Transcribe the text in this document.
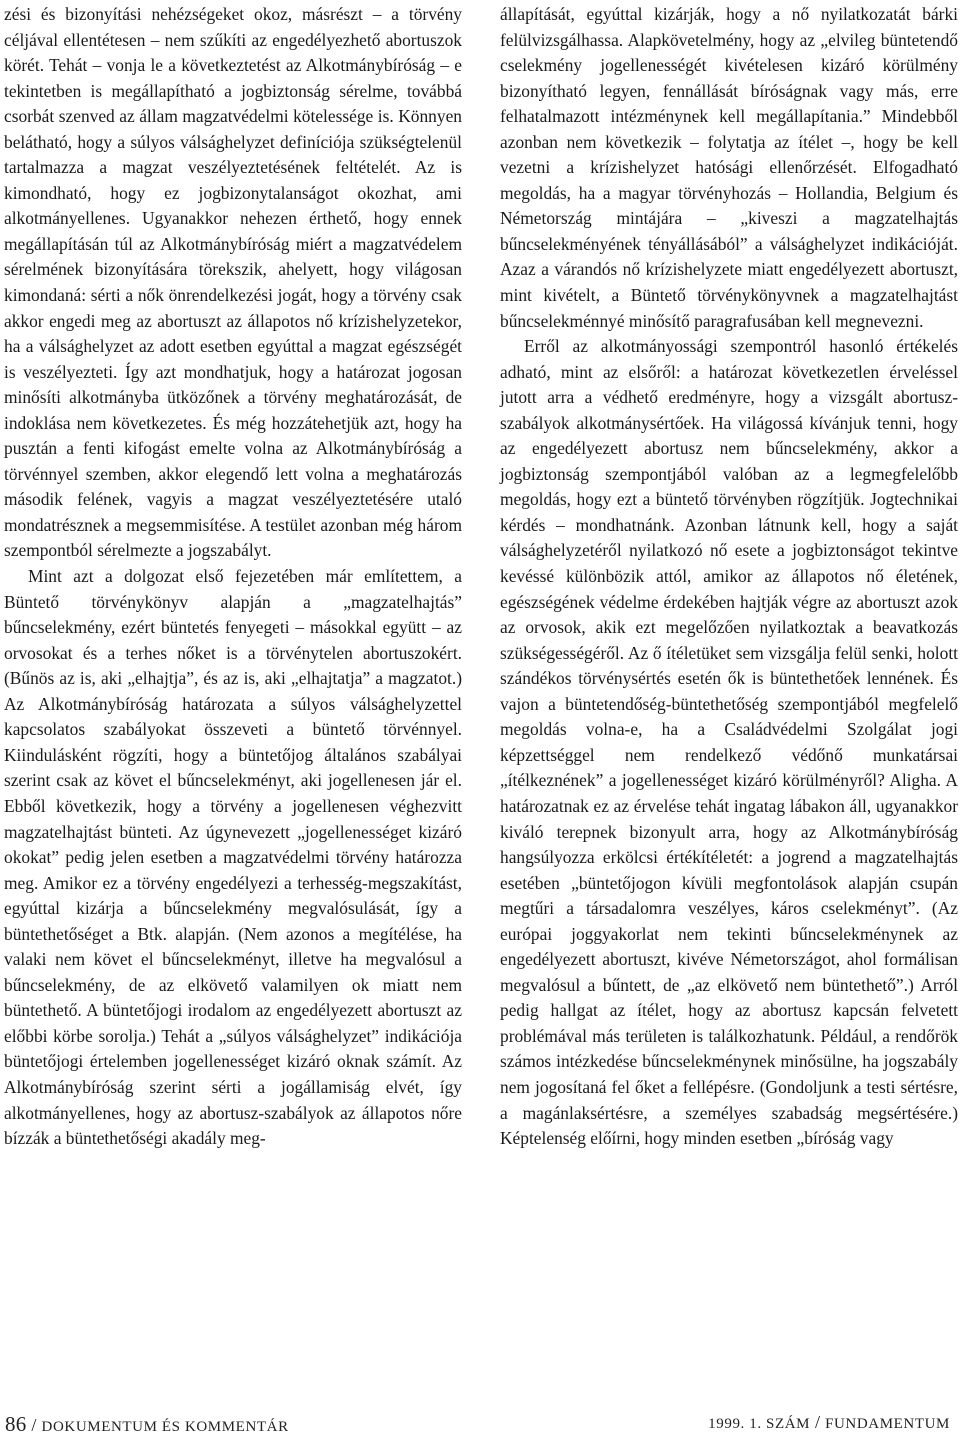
zési és bizonyítási nehézségeket okoz, másrészt – a törvény céljával ellentétesen – nem szűkíti az engedélyezhető abortuszok körét. Tehát – vonja le a következtetést az Alkotmánybíróság – e tekintetben is megállapítható a jogbiztonság sérelme, továbbá csorbát szenved az állam magzatvédelmi kötelessége is. Könnyen belátható, hogy a súlyos válsághelyzet definíciója szükségtelenül tartalmazza a magzat veszélyeztetésének feltételét. Az is kimondható, hogy ez jogbizonytalanságot okozhat, ami alkotmányellenes. Ugyanakkor nehezen érthető, hogy ennek megállapításán túl az Alkotmánybíróság miért a magzatvédelem sérelmének bizonyítására törekszik, ahelyett, hogy világosan kimondaná: sérti a nők önrendelkezési jogát, hogy a törvény csak akkor engedi meg az abortuszt az állapotos nő krízishelyzetekor, ha a válsághelyzet az adott esetben egyúttal a magzat egészségét is veszélyezteti. Így azt mondhatjuk, hogy a határozat jogosan minősíti alkotmányba ütközőnek a törvény meghatározását, de indoklása nem következetes. És még hozzátehetjük azt, hogy ha pusztán a fenti kifogást emelte volna az Alkotmánybíróság a törvénnyel szemben, akkor elegendő lett volna a meghatározás második felének, vagyis a magzat veszélyeztetésére utaló mondatrésznek a megsemmisítése. A testület azonban még három szempontból sérelmezte a jogszabályt.

Mint azt a dolgozat első fejezetében már említettem, a Büntető törvénykönyv alapján a „magzatelhajtás” bűncselekmény, ezért büntetés fenyegeti – másokkal együtt – az orvosokat és a terhes nőket is a törvénytelen abortuszokért. (Bűnös az is, aki „elhajtja”, és az is, aki „elhajtatja” a magzatot.) Az Alkotmánybíróság határozata a súlyos válsághelyzettel kapcsolatos szabályokat összeveti a büntető törvénnyel. Kiindulásként rögzíti, hogy a büntetőjog általános szabályai szerint csak az követ el bűncselekményt, aki jogellenesen jár el. Ebből következik, hogy a törvény a jogellenesen véghezvitt magzatelhajtást bünteti. Az úgynevezett „jogellenességet kizáró okokat” pedig jelen esetben a magzatvédelmi törvény határozza meg. Amikor ez a törvény engedélyezi a terhesség-megszakítást, egyúttal kizárja a bűncselekmény megvalósulását, így a büntethetőséget a Btk. alapján. (Nem azonos a megítélése, ha valaki nem követ el bűncselekményt, illetve ha megvalósul a bűncselekmény, de az elkövető valamilyen ok miatt nem büntethető. A büntetőjogi irodalom az engedélyezett abortuszt az előbbi körbe sorolja.) Tehát a „súlyos válsághelyzet” indikációja büntetőjogi értelemben jogellenességet kizáró oknak számít. Az Alkotmánybíróság szerint sérti a jogállamiság elvét, így alkotmányellenes, hogy az abortusz-szabályok az állapotos nőre bízzák a büntethetőségi akadály meg-

állapítását, egyúttal kizárják, hogy a nő nyilatkozatát bárki felülvizsgálhassa. Alapkövetelmény, hogy az „elvileg büntetendő cselekmény jogellenességét kivételesen kizáró körülmény bizonyítható legyen, fennállását bíróságnak vagy más, erre felhatalmazott intézménynek kell megállapítania.” Mindebből azonban nem következik – folytatja az ítélet –, hogy be kell vezetni a krízishelyzet hatósági ellenőrzését. Elfogadható megoldás, ha a magyar törvényhozás – Hollandia, Belgium és Németország mintájára – „kiveszi a magzatelhajtás bűncselekményének tényállásából” a válsághelyzet indikációját. Azaz a várandós nő krízishelyzete miatt engedélyezett abortuszt, mint kivételt, a Büntető törvénykönyvnek a magzatelhajtást bűncselekménnyé minősítő paragrafusában kell megnevezni.

Erről az alkotmányossági szempontról hasonló értékelés adható, mint az elsőről: a határozat következetlen érveléssel jutott arra a védhető eredményre, hogy a vizsgált abortusz-szabályok alkotmánysértőek. Ha világossá kívánjuk tenni, hogy az engedélyezett abortusz nem bűncselekmény, akkor a jogbiztonság szempontjából valóban az a legmegfelelőbb megoldás, hogy ezt a büntető törvényben rögzítjük. Jogtechnikai kérdés – mondhatnánk. Azonban látnunk kell, hogy a saját válsághelyzetéről nyilatkozó nő esete a jogbiztonságot tekintve kevéssé különbözik attól, amikor az állapotos nő életének, egészségének védelme érdekében hajtják végre az abortuszt azok az orvosok, akik ezt megelőzően nyilatkoztak a beavatkozás szükségességéről. Az ő ítéletüket sem vizsgálja felül senki, holott szándékos törvénysértés esetén ők is büntethetőek lennének. És vajon a büntetendőség-büntethetőség szempontjából megfelelő megoldás volna-e, ha a Családvédelmi Szolgálat jogi képzettséggel nem rendelkező védőnő munkatársai „ítélkeznének” a jogellenességet kizáró körülményről? Aligha. A határozatnak ez az érvelése tehát ingatag lábakon áll, ugyanakkor kiváló terepnek bizonyult arra, hogy az Alkotmánybíróság hangsúlyozza erkölcsi értékítéletét: a jogrend a magzatelhajtás esetében „büntetőjogon kívüli megfontolások alapján csupán megtűri a társadalomra veszélyes, káros cselekményt”. (Az európai joggyakorlat nem tekinti bűncselekménynek az engedélyezett abortuszt, kivéve Németországot, ahol formálisan megvalósul a bűntett, de „az elkövető nem büntethető”.) Arról pedig hallgat az ítélet, hogy az abortusz kapcsán felvetett problémával más területen is találkozhatunk. Például, a rendőrök számos intézkedése bűncselekménynek minősülne, ha jogszabály nem jogosítaná fel őket a fellépésre. (Gondoljunk a testi sértésre, a magánlaksértésre, a személyes szabadság megsértésére.) Képtelenség előírni, hogy minden esetben „bíróság vagy

86 / DOKUMENTUM ÉS KOMMENTÁR	1999. 1. SZÁM / FUNDAMENTUM
